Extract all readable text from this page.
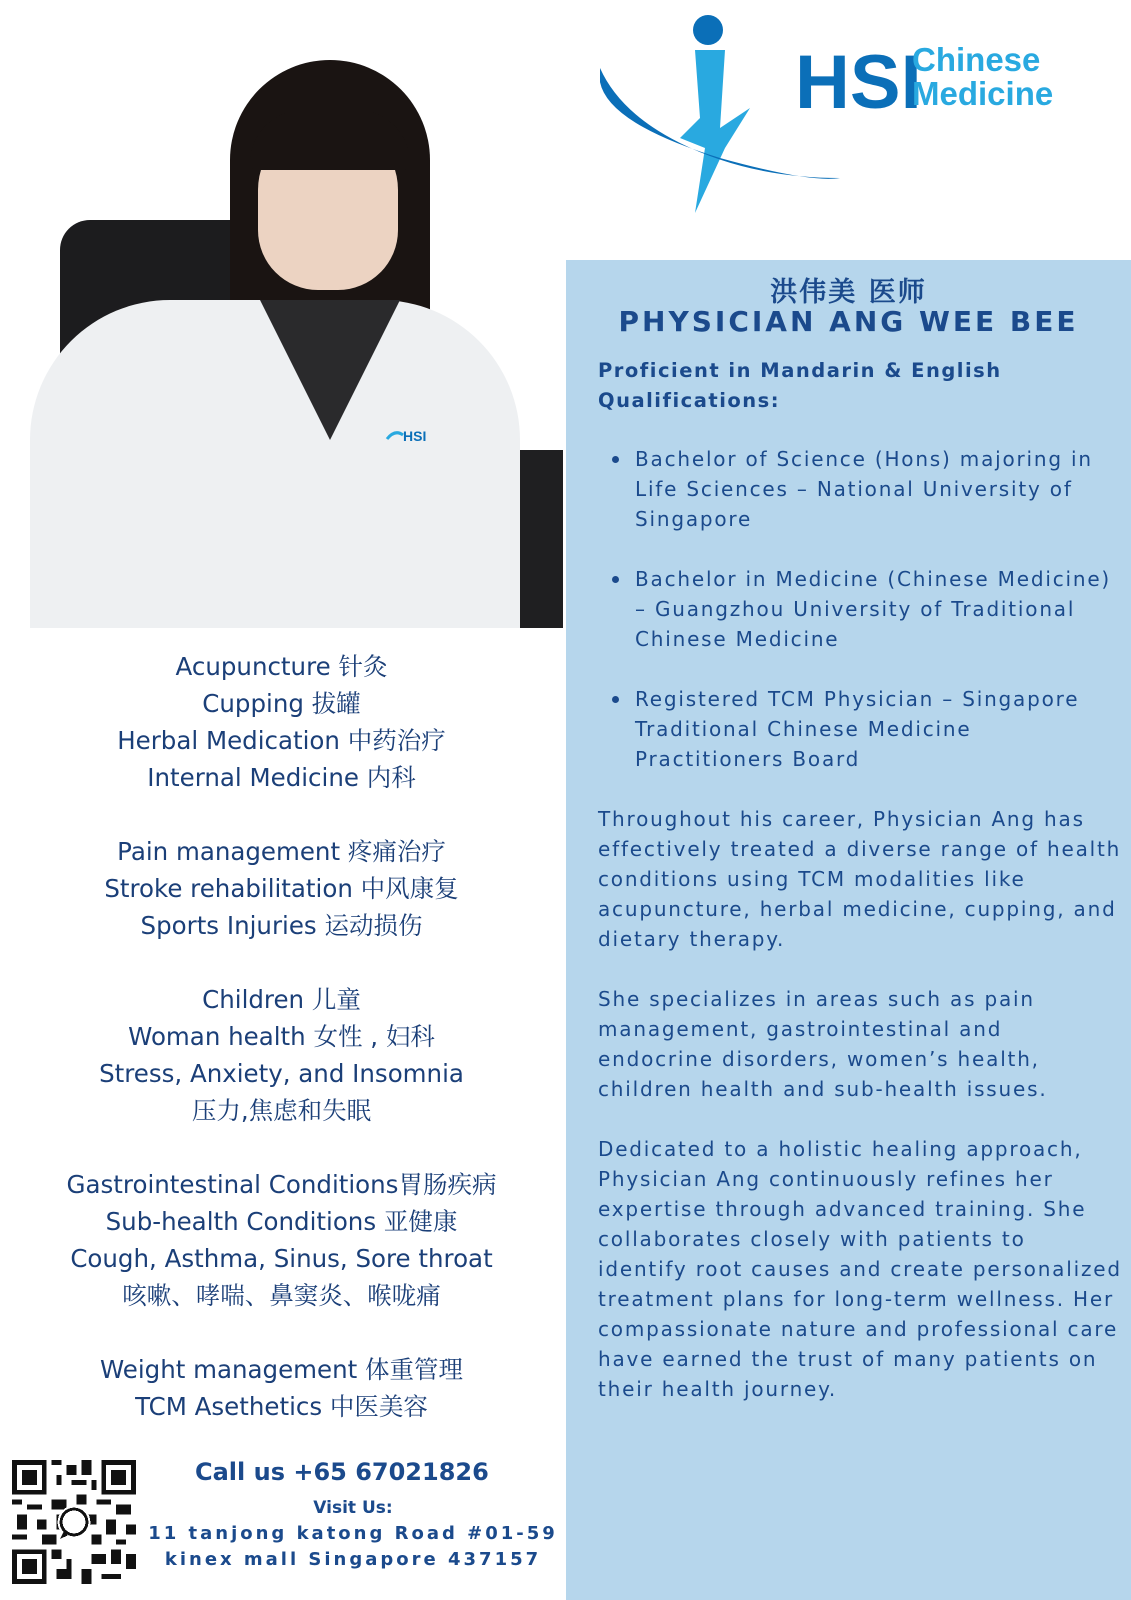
HSI
HSI
Chinese
Medicine
洪伟美 医师
PHYSICIAN ANG WEE BEE
Proficient in Mandarin & English
Qualifications:
Bachelor of Science (Hons) majoring in Life Sciences – National University of Singapore
Bachelor in Medicine (Chinese Medicine) – Guangzhou University of Traditional Chinese Medicine
Registered TCM Physician – Singapore Traditional Chinese Medicine Practitioners Board
Throughout his career, Physician Ang has effectively treated a diverse range of health conditions using TCM modalities like acupuncture, herbal medicine, cupping, and dietary therapy.
She specializes in areas such as pain management, gastrointestinal and endocrine disorders, women’s health, children health and sub-health issues.
Dedicated to a holistic healing approach, Physician Ang continuously refines her expertise through advanced training. She collaborates closely with patients to identify root causes and create personalized treatment plans for long-term wellness. Her compassionate nature and professional care have earned the trust of many patients on their health journey.
Acupuncture 针灸
Cupping 拔罐
Herbal Medication 中药治疗
Internal Medicine 内科
Pain management 疼痛治疗
Stroke rehabilitation 中风康复
Sports Injuries 运动损伤
Children 儿童
Woman health 女性 , 妇科
Stress, Anxiety, and Insomnia
压力,焦虑和失眠
Gastrointestinal Conditions胃肠疾病
Sub-health Conditions 亚健康
Cough, Asthma, Sinus, Sore throat
咳嗽、哮喘、鼻窦炎、喉咙痛
Weight management 体重管理
TCM Asethetics 中医美容
Call us +65 67021826
Visit Us:
11 tanjong katong Road #01-59
kinex mall Singapore 437157
